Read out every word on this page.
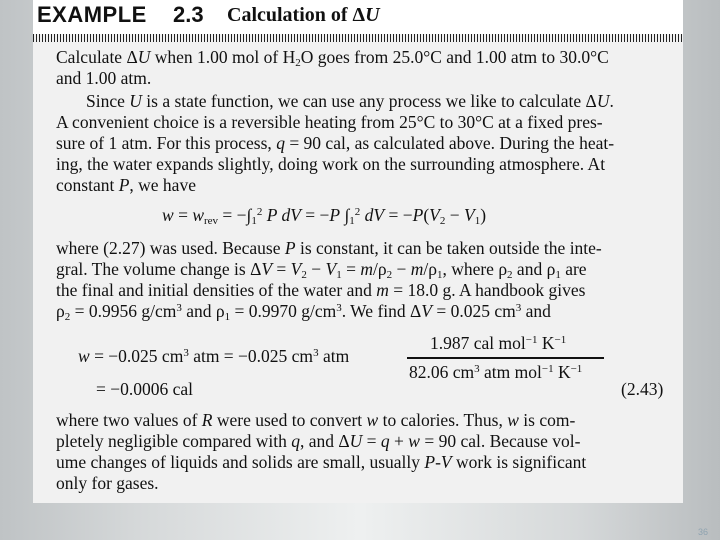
EXAMPLE 2.3 Calculation of ΔU
Calculate ΔU when 1.00 mol of $H_2O$ goes from 25.0°C and 1.00 atm to 30.0°C
and 1.00 atm.
Since U is a state function, we can use any process we like to calculate ΔU.
A convenient choice is a reversible heating from 25°C to 30°C at a fixed pres-
sure of 1 atm. For this process, q = 90 cal, as calculated above. During the heat-
ing, the water expands slightly, doing work on the surrounding atmosphere. At
constant P, we have
$w = w_{rev} = -\int_1^2$ P dV = −P $\int_1^2$ dV = $-P(V_2 - V_1)$
where (2.27) was used. Because P is constant, it can be taken outside the inte-
gral. The volume change is $\Delta V = V_2 - V_1 = m/\rho_2 - m/\rho_1$, where $\rho_2$ and $\rho_1$ are
the final and initial densities of the water and m = 18.0 g. A handbook gives
$\rho_2 = 0.9956$ $g/cm^3$ and $\rho_1 = 0.9970$ $g/cm^3$. We find ΔV = 0.025 $cm^3$ and
w = −0.025 $cm^3$ atm = −0.025 $cm^3$ atm
1.987 cal mol$^{-1}$ $K^{-1}$
82.06 $cm^3$ atm mol$^{-1}$ $K^{-1}$
= −0.0006 cal	(2.43)
where two values of R were used to convert w to calories. Thus, w is com-
pletely negligible compared with q, and ΔU = q + w = 90 cal. Because vol-
ume changes of liquids and solids are small, usually P-V work is significant
only for gases.
36
